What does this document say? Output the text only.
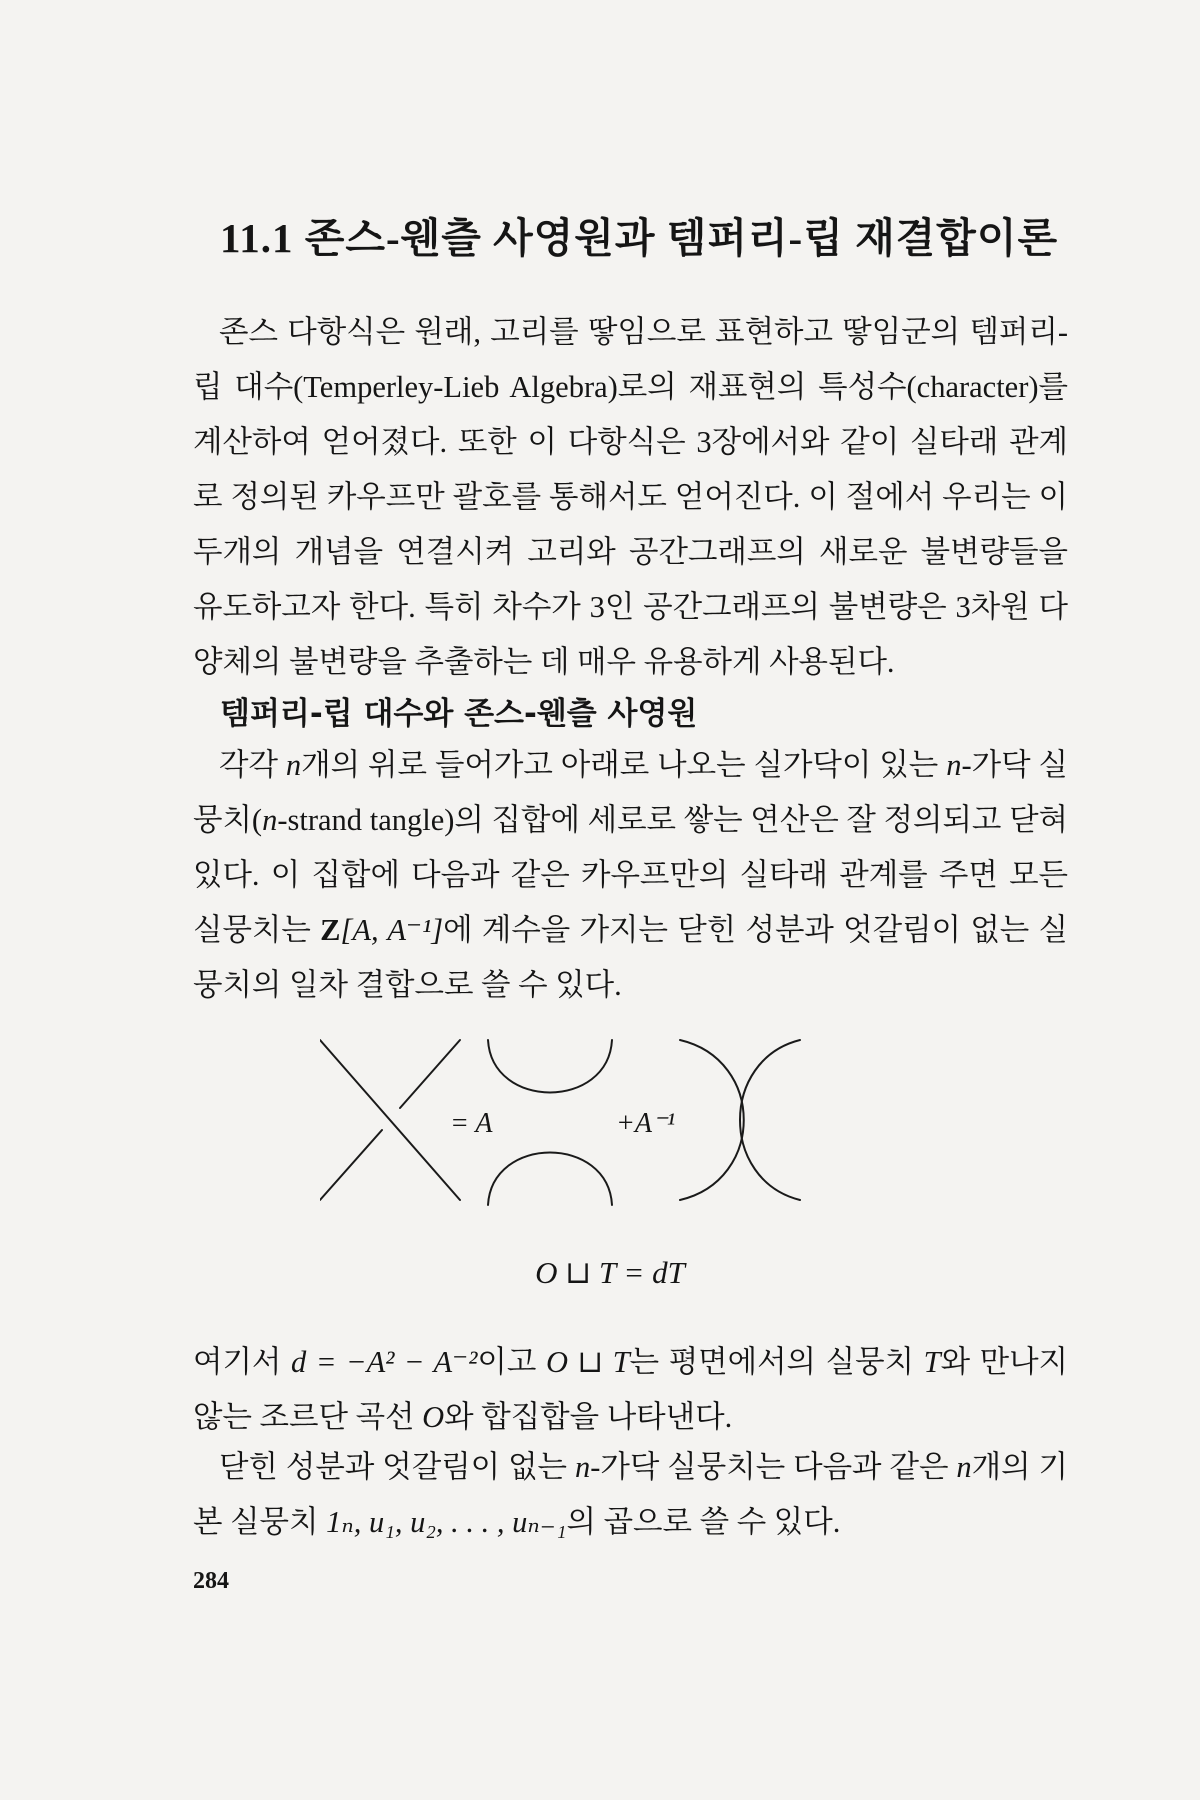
11.1 존스-웬츨 사영원과 템퍼리-립 재결합이론

존스 다항식은 원래, 고리를 땋임으로 표현하고 땋임군의 템퍼리-립 대수(Temperley-Lieb Algebra)로의 재표현의 특성수(character)를 계산하여 얻어졌다. 또한 이 다항식은 3장에서와 같이 실타래 관계로 정의된 카우프만 괄호를 통해서도 얻어진다. 이 절에서 우리는 이 두개의 개념을 연결시켜 고리와 공간그래프의 새로운 불변량들을 유도하고자 한다. 특히 차수가 3인 공간그래프의 불변량은 3차원 다양체의 불변량을 추출하는 데 매우 유용하게 사용된다.

템퍼리-립 대수와 존스-웬츨 사영원

각각 n개의 위로 들어가고 아래로 나오는 실가닥이 있는 n-가닥 실뭉치(n-strand tangle)의 집합에 세로로 쌓는 연산은 잘 정의되고 닫혀있다. 이 집합에 다음과 같은 카우프만의 실타래 관계를 주면 모든 실뭉치는 Z[A, A⁻¹]에 계수을 가지는 닫힌 성분과 엇갈림이 없는 실뭉치의 일차 결합으로 쓸 수 있다.

= A	+A⁻¹
O ⊔ T = dT

여기서 d = −A² − A⁻²이고 O ⊔ T는 평면에서의 실뭉치 T와 만나지 않는 조르단 곡선 O와 합집합을 나타낸다.

닫힌 성분과 엇갈림이 없는 n-가닥 실뭉치는 다음과 같은 n개의 기본 실뭉치 1ₙ, u₁, u₂, . . . , uₙ₋₁의 곱으로 쓸 수 있다.

284
